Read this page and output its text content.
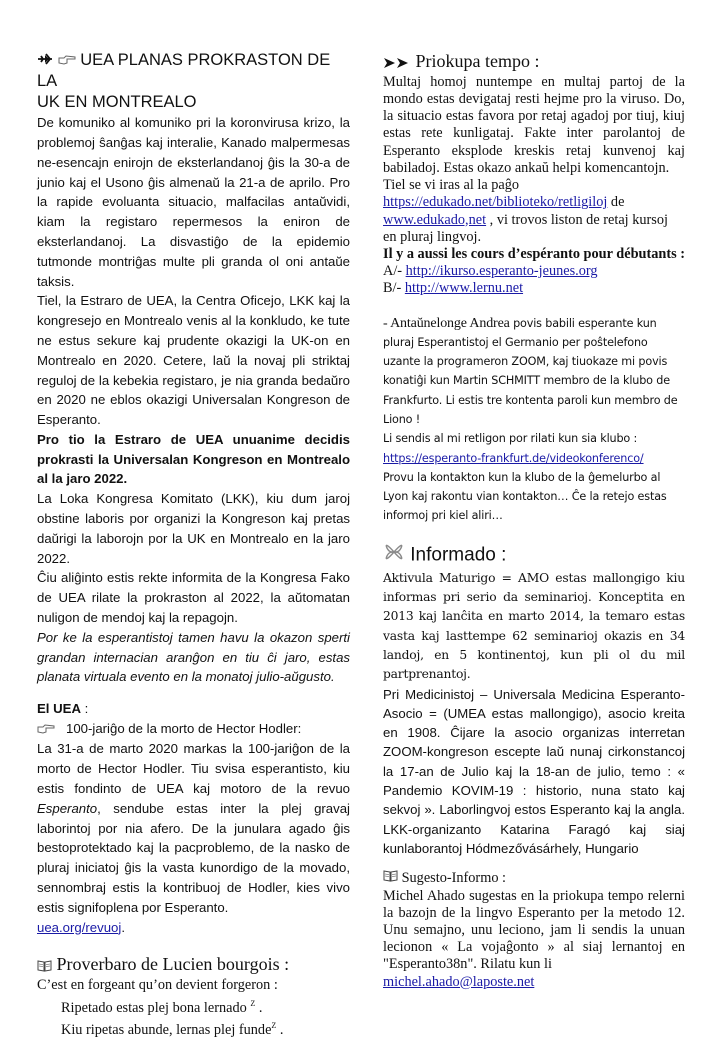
UEA PLANAS PROKRASTON DE LA
UK EN MONTREALO

De komuniko al komuniko pri la koronvirusa krizo, la problemoj ŝanĝas kaj interalie, Kanado malpermesas ne-esencajn enirojn de eksterlandanoj ĝis la 30-a de junio kaj el Usono ĝis almenaŭ la 21-a de aprilo. Pro la rapide evoluanta situacio, malfacilas antaŭvidi, kiam la registaro repermesos la eniron de eksterlandanoj. La disvastiĝo de la epidemio tutmonde montriĝas multe pli granda ol oni antaŭe taksis.

Tiel, la Estraro de UEA, la Centra Oficejo, LKK kaj la kongresejo en Montrealo venis al la konkludo, ke tute ne estus sekure kaj prudente okazigi la UK-on en Montrealo en 2020. Cetere, laŭ la novaj pli striktaj reguloj de la kebekia registaro, je nia granda bedaŭro en 2020 ne eblos okazigi Universalan Kongreson de Esperanto.

Pro tio la Estraro de UEA unuanime decidis prokrasti la Universalan Kongreson en Montrealo al la jaro 2022.

La Loka Kongresa Komitato (LKK), kiu dum jaroj obstine laboris por organizi la Kongreson kaj pretas daŭrigi la laborojn por la UK en Montrealo en la jaro 2022.

Ĉiu aliĝinto estis rekte informita de la Kongresa Fako de UEA rilate la prokraston al 2022, la aŭtomatan nuligon de mendoj kaj la repagojn.

Por ke la esperantistoj tamen havu la okazon sperti grandan internacian aranĝon en tiu ĉi jaro, estas planata virtuala evento en la monatoj julio-aŭgusto.

El UEA :

100-jariĝo de la morto de Hector Hodler:

La 31-a de marto 2020 markas la 100-jariĝon de la morto de Hector Hodler. Tiu svisa esperantisto, kiu estis fondinto de UEA kaj motoro de la revuo Esperanto, sendube estas inter la plej gravaj laborintoj por nia afero. De la junulara agado ĝis bestoprotektado kaj la pacproblemo, de la nasko de pluraj iniciatoj ĝis la vasta kunordigo de la movado, sennombraj estis la kontribuoj de Hodler, kies vivo estis signifoplena por Esperanto.

uea.org/revuoj.

Proverbaro de Lucien bourgois :

C’est en forgeant qu’on devient forgeron :

Ripetado estas plej bona lernado $^Z$ .

Kiu ripetas abunde, lernas plej funde$^Z$ .

Priokupa tempo :

Multaj homoj nuntempe en multaj partoj de la mondo estas devigataj resti hejme pro la viruso. Do, la situacio estas favora por retaj agadoj por tiuj, kiuj estas rete kunligataj. Fakte inter parolantoj de Esperanto eksplode kreskis retaj kunvenoj kaj babiladoj. Estas okazo ankaŭ helpi komencantojn.

Tiel se vi iras al la paĝo

https://edukado.net/biblioteko/retligiloj de

www.edukado,net , vi trovos liston de retaj kursoj en pluraj lingvoj.

Il y a aussi les cours d’espéranto pour débutants :

A/- http://ikurso.esperanto-jeunes.org

B/- http://www.lernu.net

- Antaŭnelonge Andrea povis babili esperante kun pluraj Esperantistoj el Germanio per poŝtelefono uzante la programeron ZOOM, kaj tiuokaze mi povis konatiĝi kun Martin SCHMITT membro de la klubo de Frankfurto. Li estis tre kontenta paroli kun membro de Liono !

Li sendis al mi retligon por rilati kun sia klubo :

https://esperanto-frankfurt.de/videokonferenco/

Provu la kontakton kun la klubo de la ĝemelurbo al Lyon kaj rakontu vian kontakton… Ĉe la retejo estas informoj pri kiel aliri…

Informado :

Aktivula Maturigo = AMO estas mallongigo kiu informas pri serio da seminarioj. Konceptita en 2013 kaj lanĉita en marto 2014, la temaro estas vasta kaj lasttempe 62 seminarioj okazis en 34 landoj, en 5 kontinentoj, kun pli ol du mil partprenantoj.

Pri Medicinistoj – Universala Medicina Esperanto-Asocio = (UMEA estas mallongigo), asocio kreita en 1908. Ĉijare la asocio organizas interretan ZOOM-kongreson escepte laŭ nunaj cirkonstancoj la 17-an de Julio kaj la 18-an de julio, temo : « Pandemio KOVIM-19 : historio, nuna stato kaj sekvoj ». Laborlingvoj estos Esperanto kaj la angla. LKK-organizanto Katarina Faragó kaj siaj kunlaborantoj Hódmezővásárhely, Hungario

Sugesto-Informo :

Michel Ahado sugestas en la priokupa tempo relerni la bazojn de la lingvo Esperanto per la metodo 12. Unu semajno, unu leciono, jam li sendis la unuan lecionon « La vojaĝonto » al siaj lernantoj en "Esperanto38n". Rilatu kun li

michel.ahado@laposte.net
